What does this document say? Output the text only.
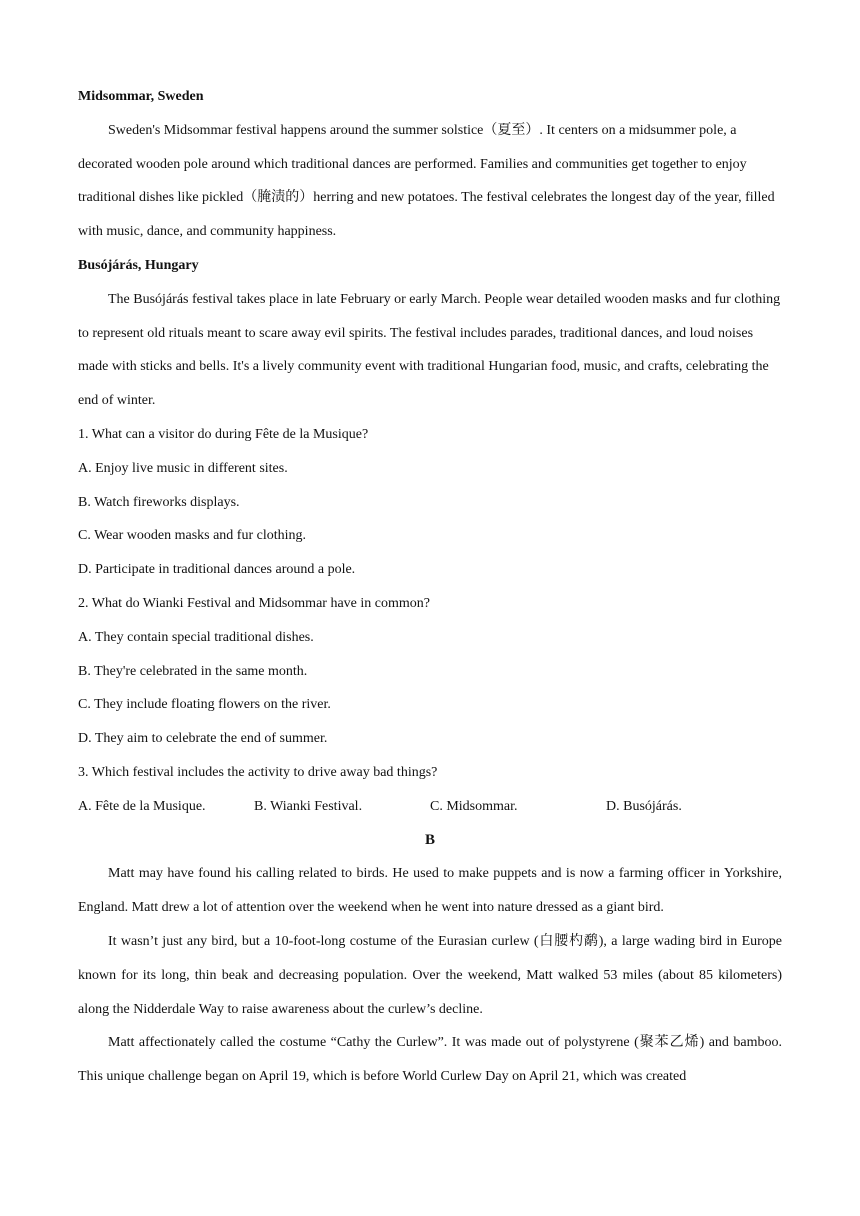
Midsommar, Sweden

Sweden's Midsommar festival happens around the summer solstice（夏至）. It centers on a midsummer pole, a decorated wooden pole around which traditional dances are performed. Families and communities get together to enjoy traditional dishes like pickled（腌渍的）herring and new potatoes. The festival celebrates the longest day of the year, filled with music, dance, and community happiness.

Busójárás, Hungary

The Busójárás festival takes place in late February or early March. People wear detailed wooden masks and fur clothing to represent old rituals meant to scare away evil spirits. The festival includes parades, traditional dances, and loud noises made with sticks and bells. It's a lively community event with traditional Hungarian food, music, and crafts, celebrating the end of winter.

1. What can a visitor do during Fête de la Musique?

A. Enjoy live music in different sites.

B. Watch fireworks displays.

C. Wear wooden masks and fur clothing.

D. Participate in traditional dances around a pole.

2. What do Wianki Festival and Midsommar have in common?

A. They contain special traditional dishes.

B. They're celebrated in the same month.

C. They include floating flowers on the river.

D. They aim to celebrate the end of summer.

3. Which festival includes the activity to drive away bad things?

A. Fête de la Musique.	B. Wianki Festival.	C. Midsommar.	D. Busójárás.

B

Matt may have found his calling related to birds. He used to make puppets and is now a farming officer in Yorkshire, England. Matt drew a lot of attention over the weekend when he went into nature dressed as a giant bird.

It wasn’t just any bird, but a 10-foot-long costume of the Eurasian curlew (白腰杓鹬), a large wading bird in Europe known for its long, thin beak and decreasing population. Over the weekend, Matt walked 53 miles (about 85 kilometers) along the Nidderdale Way to raise awareness about the curlew’s decline.

Matt affectionately called the costume “Cathy the Curlew”. It was made out of polystyrene (聚苯乙烯) and bamboo. This unique challenge began on April 19, which is before World Curlew Day on April 21, which was created
